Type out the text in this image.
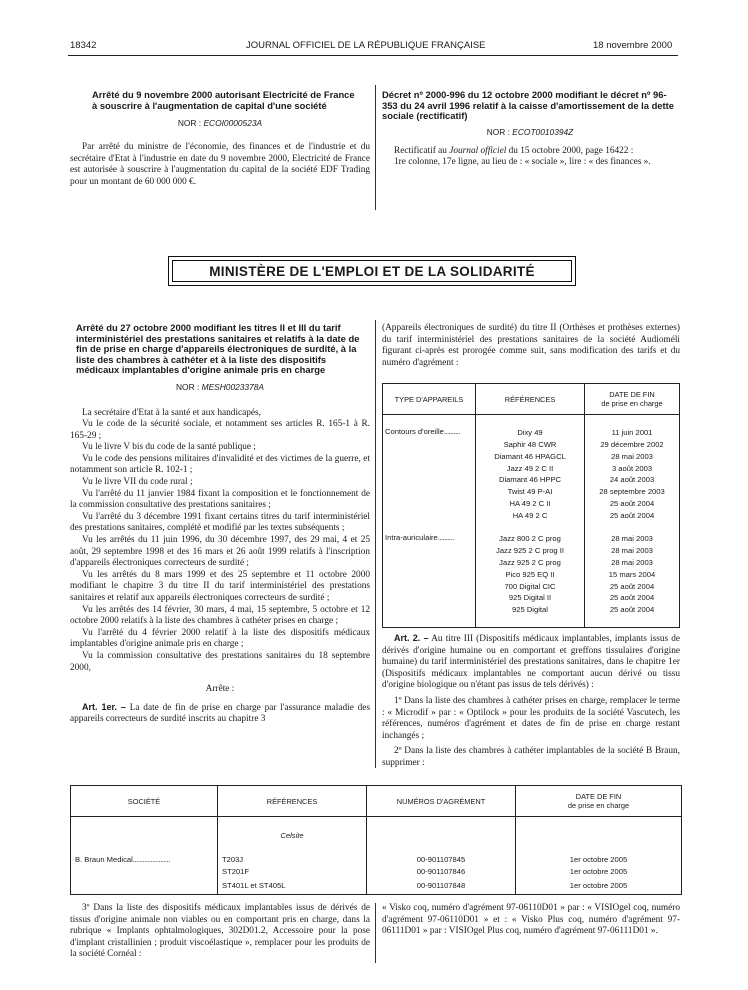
18342	JOURNAL OFFICIEL DE LA RÉPUBLIQUE FRANÇAISE	18 novembre 2000
Arrêté du 9 novembre 2000 autorisant Electricité de France à souscrire à l'augmentation de capital d'une société
NOR : ECOI0000523A

Par arrêté du ministre de l'économie, des finances et de l'industrie et du secrétaire d'Etat à l'industrie en date du 9 novembre 2000, Electricité de France est autorisée à souscrire à l'augmentation du capital de la société EDF Trading pour un montant de 60 000 000 €.

Décret nº 2000-996 du 12 octobre 2000 modifiant le décret nº 96-353 du 24 avril 1996 relatif à la caisse d'amortissement de la dette sociale (rectificatif)
NOR : ECOT0010394Z

Rectificatif au Journal officiel du 15 octobre 2000, page 16422 :

1re colonne, 17e ligne, au lieu de : « sociale », lire : « des finances ».

MINISTÈRE DE L'EMPLOI ET DE LA SOLIDARITÉ
Arrêté du 27 octobre 2000 modifiant les titres II et III du tarif interministériel des prestations sanitaires et relatifs à la date de fin de prise en charge d'appareils électroniques de surdité, à la liste des chambres à cathéter et à la liste des dispositifs médicaux implantables d'origine animale pris en charge
NOR : MESH0023378A

La secrétaire d'Etat à la santé et aux handicapés,

Vu le code de la sécurité sociale, et notamment ses articles R. 165-1 à R. 165-29 ;

Vu le livre V bis du code de la santé publique ;

Vu le code des pensions militaires d'invalidité et des victimes de la guerre, et notamment son article R. 102-1 ;

Vu le livre VII du code rural ;

Vu l'arrêté du 11 janvier 1984 fixant la composition et le fonctionnement de la commission consultative des prestations sanitaires ;

Vu l'arrêté du 3 décembre 1991 fixant certains titres du tarif interministériel des prestations sanitaires, complété et modifié par les textes subséquents ;

Vu les arrêtés du 11 juin 1996, du 30 décembre 1997, des 29 mai, 4 et 25 août, 29 septembre 1998 et des 16 mars et 26 août 1999 relatifs à l'inscription d'appareils électroniques correcteurs de surdité ;

Vu les arrêtés du 8 mars 1999 et des 25 septembre et 11 octobre 2000 modifiant le chapitre 3 du titre II du tarif interministériel des prestations sanitaires et relatif aux appareils électroniques correcteurs de surdité ;

Vu les arrêtés des 14 février, 30 mars, 4 mai, 15 septembre, 5 octobre et 12 octobre 2000 relatifs à la liste des chambres à cathéter prises en charge ;

Vu l'arrêté du 4 février 2000 relatif à la liste des dispositifs médicaux implantables d'origine animale pris en charge ;

Vu la commission consultative des prestations sanitaires du 18 septembre 2000,

Arrête :

Art. 1er. – La date de fin de prise en charge par l'assurance maladie des appareils correcteurs de surdité inscrits au chapitre 3

(Appareils électroniques de surdité) du titre II (Orthèses et prothèses externes) du tarif interministériel des prestations sanitaires de la société Audioméli figurant ci-après est prorogée comme suit, sans modification des tarifs et du numéro d'agrément :

TYPE D'APPAREILS	RÉFÉRENCES	DATE DE FIN
de prise en charge

Contours d'oreille..........	Dixy 49	11 juin 2001
	Saphir 48 CWR	29 décembre 2002
	Diamant 46 HPAGCL	28 mai 2003
	Jazz 49 2 C II	3 août 2003
	Diamant 46 HPPC	24 août 2003
	Twist 49 P-AI	28 septembre 2003
	HA 49 2 C II	25 août 2004
	HA 49 2 C	25 août 2004

Intra-auriculaire..........	Jazz 800 2 C prog	28 mai 2003
	Jazz 925 2 C prog II	28 mai 2003
	Jazz 925 2 C prog	28 mai 2003
	Pico 925 EQ II	15 mars 2004
	700 Digital CIC	25 août 2004
	925 Digital II	25 août 2004
	925 Digital	25 août 2004

Art. 2. – Au titre III (Dispositifs médicaux implantables, implants issus de dérivés d'origine humaine ou en comportant et greffons tissulaires d'origine humaine) du tarif interministériel des prestations sanitaires, dans le chapitre 1er (Dispositifs médicaux implantables ne comportant aucun dérivé ou tissu d'origine biologique ou n'étant pas issus de tels dérivés) :

1º Dans la liste des chambres à cathéter prises en charge, remplacer le terme : « Microdif » par : « Optilock » pour les produits de la société Vascutech, les références, numéros d'agrément et dates de fin de prise en charge restant inchangés ;

2º Dans la liste des chambres à cathéter implantables de la société B Braun, supprimer :

SOCIÉTÉ	RÉFÉRENCES	NUMÉROS D'AGRÉMENT	DATE DE FIN
de prise en charge

	Celsite		

B. Braun Medical.......................	T203J	00-901107845	1er octobre 2005
	ST201F	00-901107846	1er octobre 2005
	ST401L et ST405L	00-901107848	1er octobre 2005

3º Dans la liste des dispositifs médicaux implantables issus de dérivés de tissus d'origine animale non viables ou en comportant pris en charge, dans la rubrique « Implants ophtalmologiques, 302D01.2, Accessoire pour la pose d'implant cristallinien ; produit viscoélastique », remplacer pour les produits de la société Cornéal :

« Visko coq, numéro d'agrément 97-06110D01 » par : « VISIOgel coq, numéro d'agrément 97-06110D01 » et : « Visko Plus coq, numéro d'agrément 97-06111D01 » par : VISIOgel Plus coq, numéro d'agrément 97-06111D01 ».
